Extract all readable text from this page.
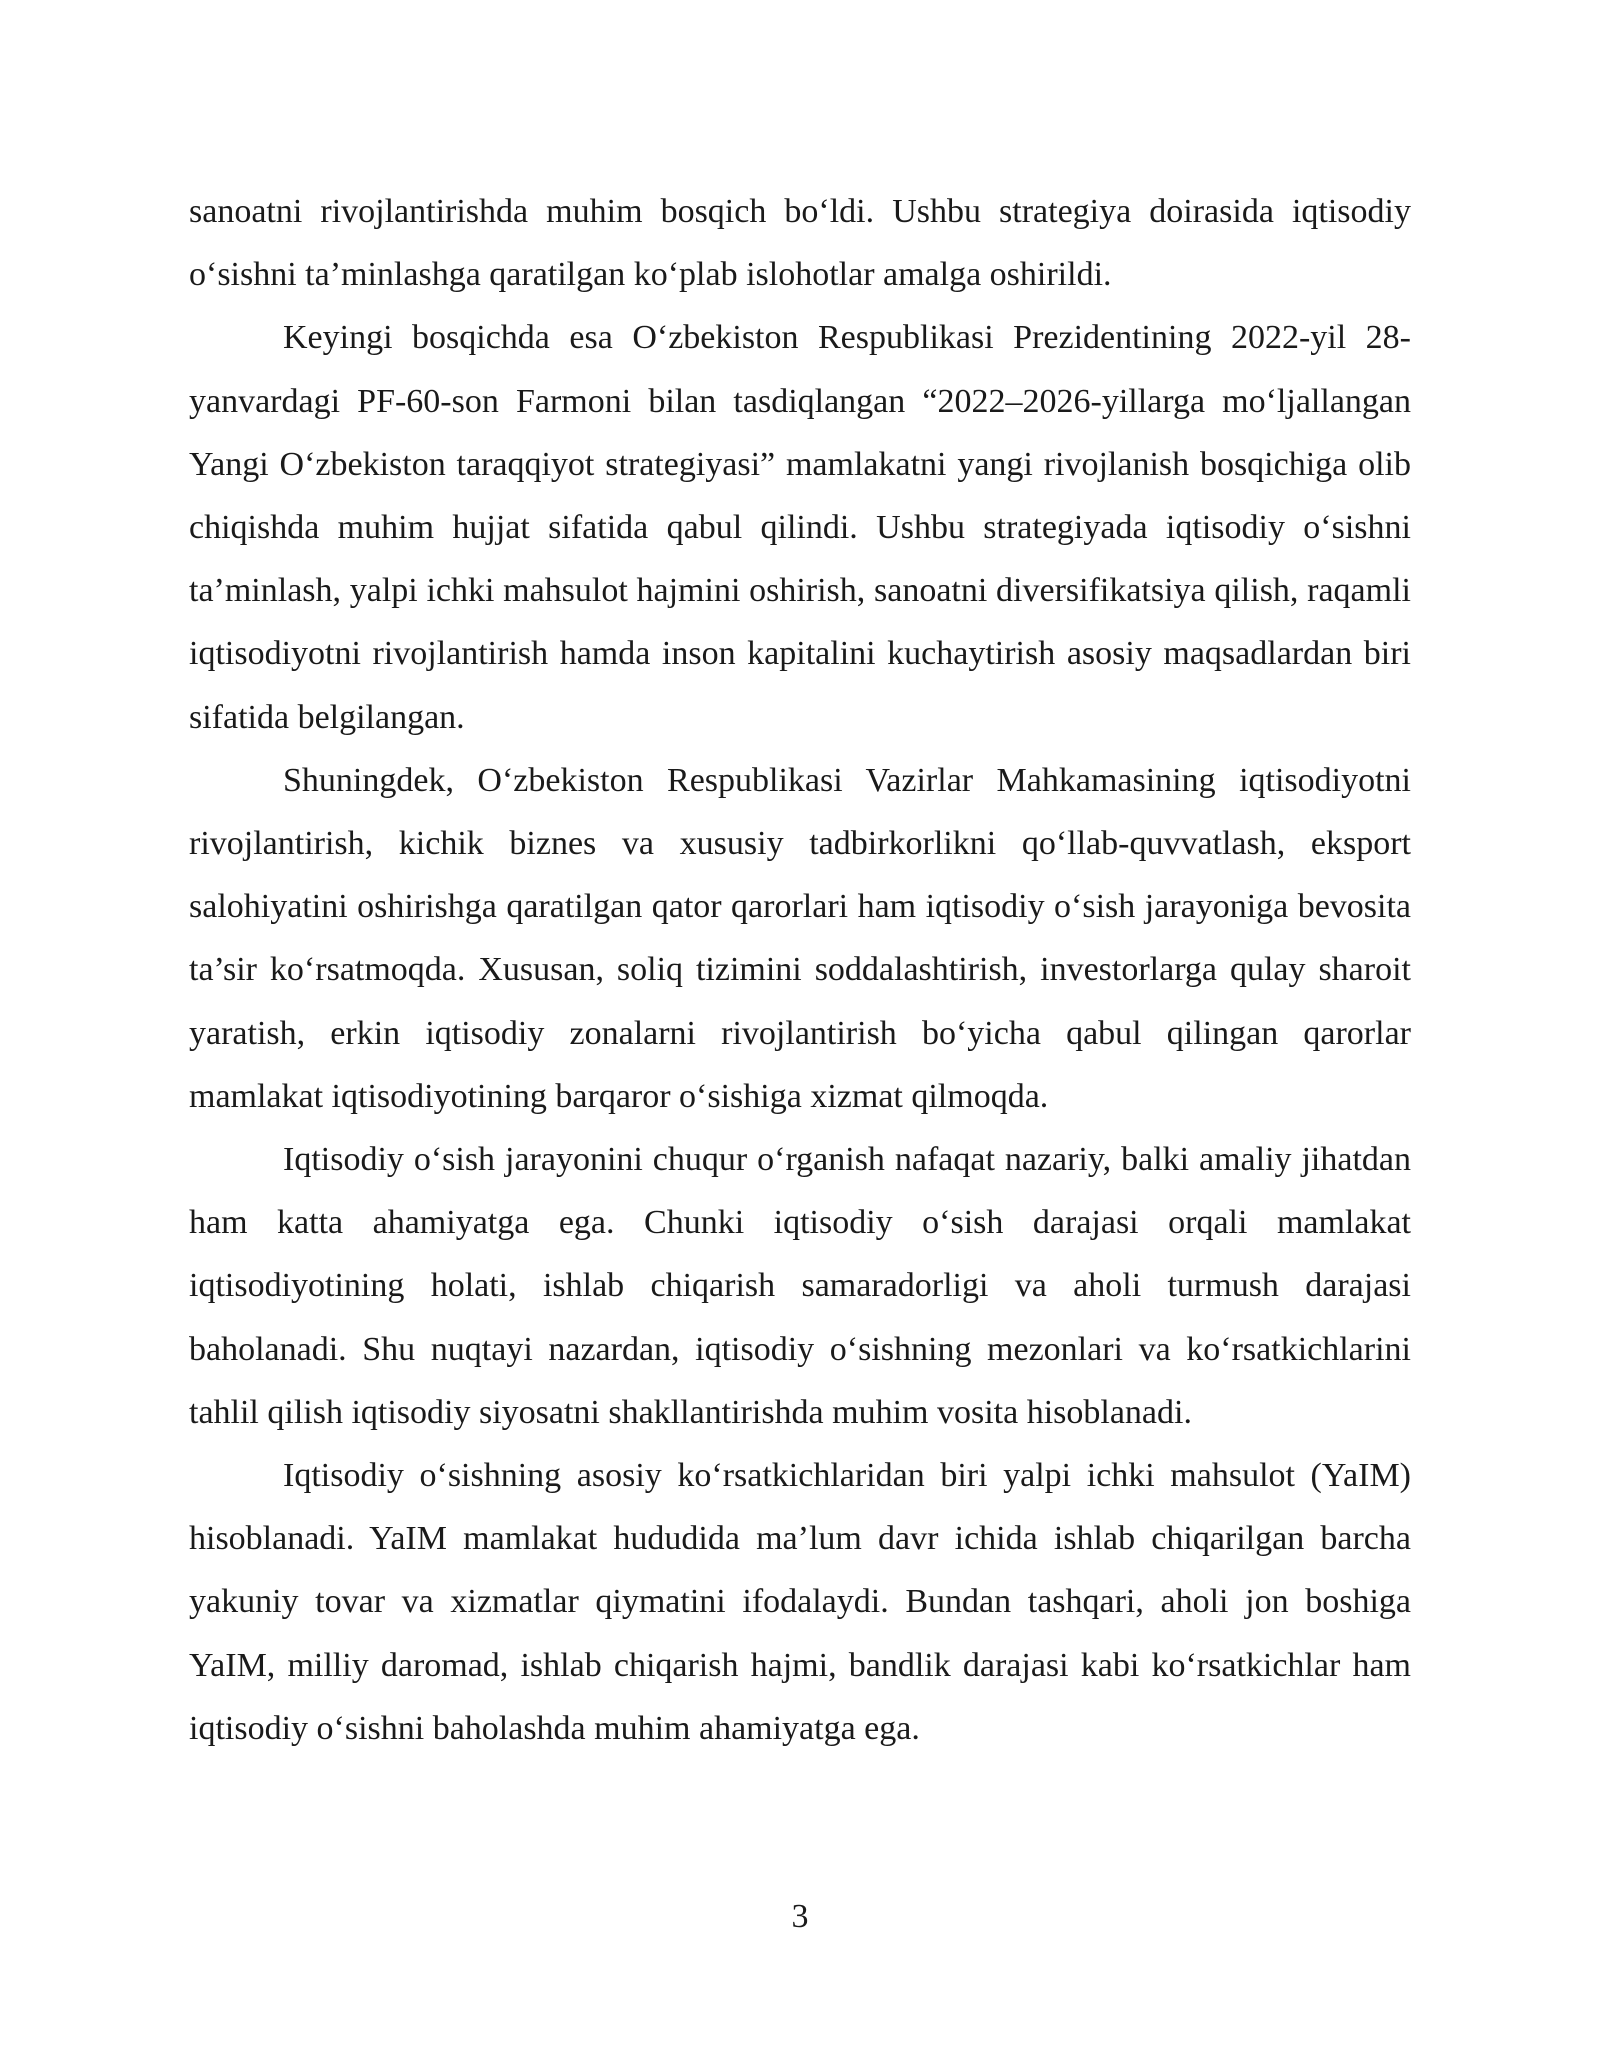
sanoatni rivojlantirishda muhim bosqich bo‘ldi. Ushbu strategiya doirasida iqtisodiy o‘sishni ta’minlashga qaratilgan ko‘plab islohotlar amalga oshirildi.

Keyingi bosqichda esa O‘zbekiston Respublikasi Prezidentining 2022-yil 28-yanvardagi PF-60-son Farmoni bilan tasdiqlangan “2022–2026-yillarga mo‘ljallangan Yangi O‘zbekiston taraqqiyot strategiyasi” mamlakatni yangi rivojlanish bosqichiga olib chiqishda muhim hujjat sifatida qabul qilindi. Ushbu strategiyada iqtisodiy o‘sishni ta’minlash, yalpi ichki mahsulot hajmini oshirish, sanoatni diversifikatsiya qilish, raqamli iqtisodiyotni rivojlantirish hamda inson kapitalini kuchaytirish asosiy maqsadlardan biri sifatida belgilangan.

Shuningdek, O‘zbekiston Respublikasi Vazirlar Mahkamasining iqtisodiyotni rivojlantirish, kichik biznes va xususiy tadbirkorlikni qo‘llab-quvvatlash, eksport salohiyatini oshirishga qaratilgan qator qarorlari ham iqtisodiy o‘sish jarayoniga bevosita ta’sir ko‘rsatmoqda. Xususan, soliq tizimini soddalashtirish, investorlarga qulay sharoit yaratish, erkin iqtisodiy zonalarni rivojlantirish bo‘yicha qabul qilingan qarorlar mamlakat iqtisodiyotining barqaror o‘sishiga xizmat qilmoqda.

Iqtisodiy o‘sish jarayonini chuqur o‘rganish nafaqat nazariy, balki amaliy jihatdan ham katta ahamiyatga ega. Chunki iqtisodiy o‘sish darajasi orqali mamlakat iqtisodiyotining holati, ishlab chiqarish samaradorligi va aholi turmush darajasi baholanadi. Shu nuqtayi nazardan, iqtisodiy o‘sishning mezonlari va ko‘rsatkichlarini tahlil qilish iqtisodiy siyosatni shakllantirishda muhim vosita hisoblanadi.

Iqtisodiy o‘sishning asosiy ko‘rsatkichlaridan biri yalpi ichki mahsulot (YaIM) hisoblanadi. YaIM mamlakat hududida ma’lum davr ichida ishlab chiqarilgan barcha yakuniy tovar va xizmatlar qiymatini ifodalaydi. Bundan tashqari, aholi jon boshiga YaIM, milliy daromad, ishlab chiqarish hajmi, bandlik darajasi kabi ko‘rsatkichlar ham iqtisodiy o‘sishni baholashda muhim ahamiyatga ega.

3
